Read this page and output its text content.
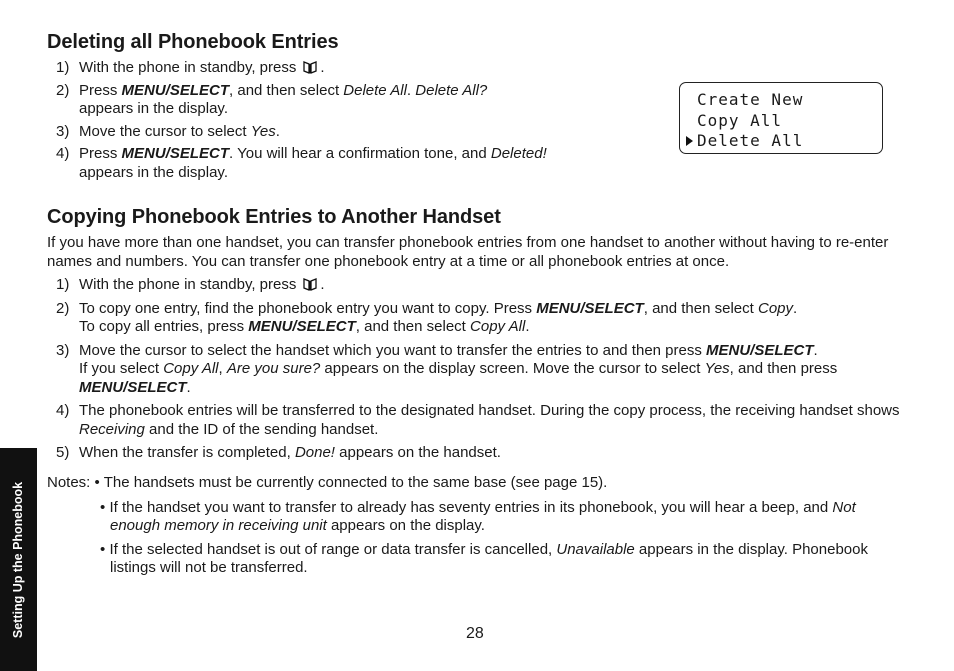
Deleting all Phonebook Entries
1) With the phone in standby, press .
2) Press MENU/SELECT, and then select Delete All. Delete All?
appears in the display.
3) Move the cursor to select Yes.
4) Press MENU/SELECT. You will hear a confirmation tone, and Deleted!
appears in the display.
Create New
Copy All
Delete All
Copying Phonebook Entries to Another Handset

If you have more than one handset, you can transfer phonebook entries from one handset to another without having to re-enter names and numbers. You can transfer one phonebook entry at a time or all phonebook entries at once.

1) With the phone in standby, press .
2) To copy one entry, find the phonebook entry you want to copy. Press MENU/SELECT, and then select Copy.
To copy all entries, press MENU/SELECT, and then select Copy All.
3) Move the cursor to select the handset which you want to transfer the entries to and then press MENU/SELECT.
If you select Copy All, Are you sure? appears on the display screen. Move the cursor to select Yes, and then press MENU/SELECT.
4) The phonebook entries will be transferred to the designated handset. During the copy process, the receiving handset shows Receiving and the ID of the sending handset.
5) When the transfer is completed, Done! appears on the handset.
Notes: • The handsets must be currently connected to the same base (see page 15).
• If the handset you want to transfer to already has seventy entries in its phonebook, you will hear a beep, and Not enough memory in receiving unit appears on the display.
• If the selected handset is out of range or data transfer is cancelled, Unavailable appears in the display. Phonebook listings will not be transferred.
Setting Up the Phonebook	28
